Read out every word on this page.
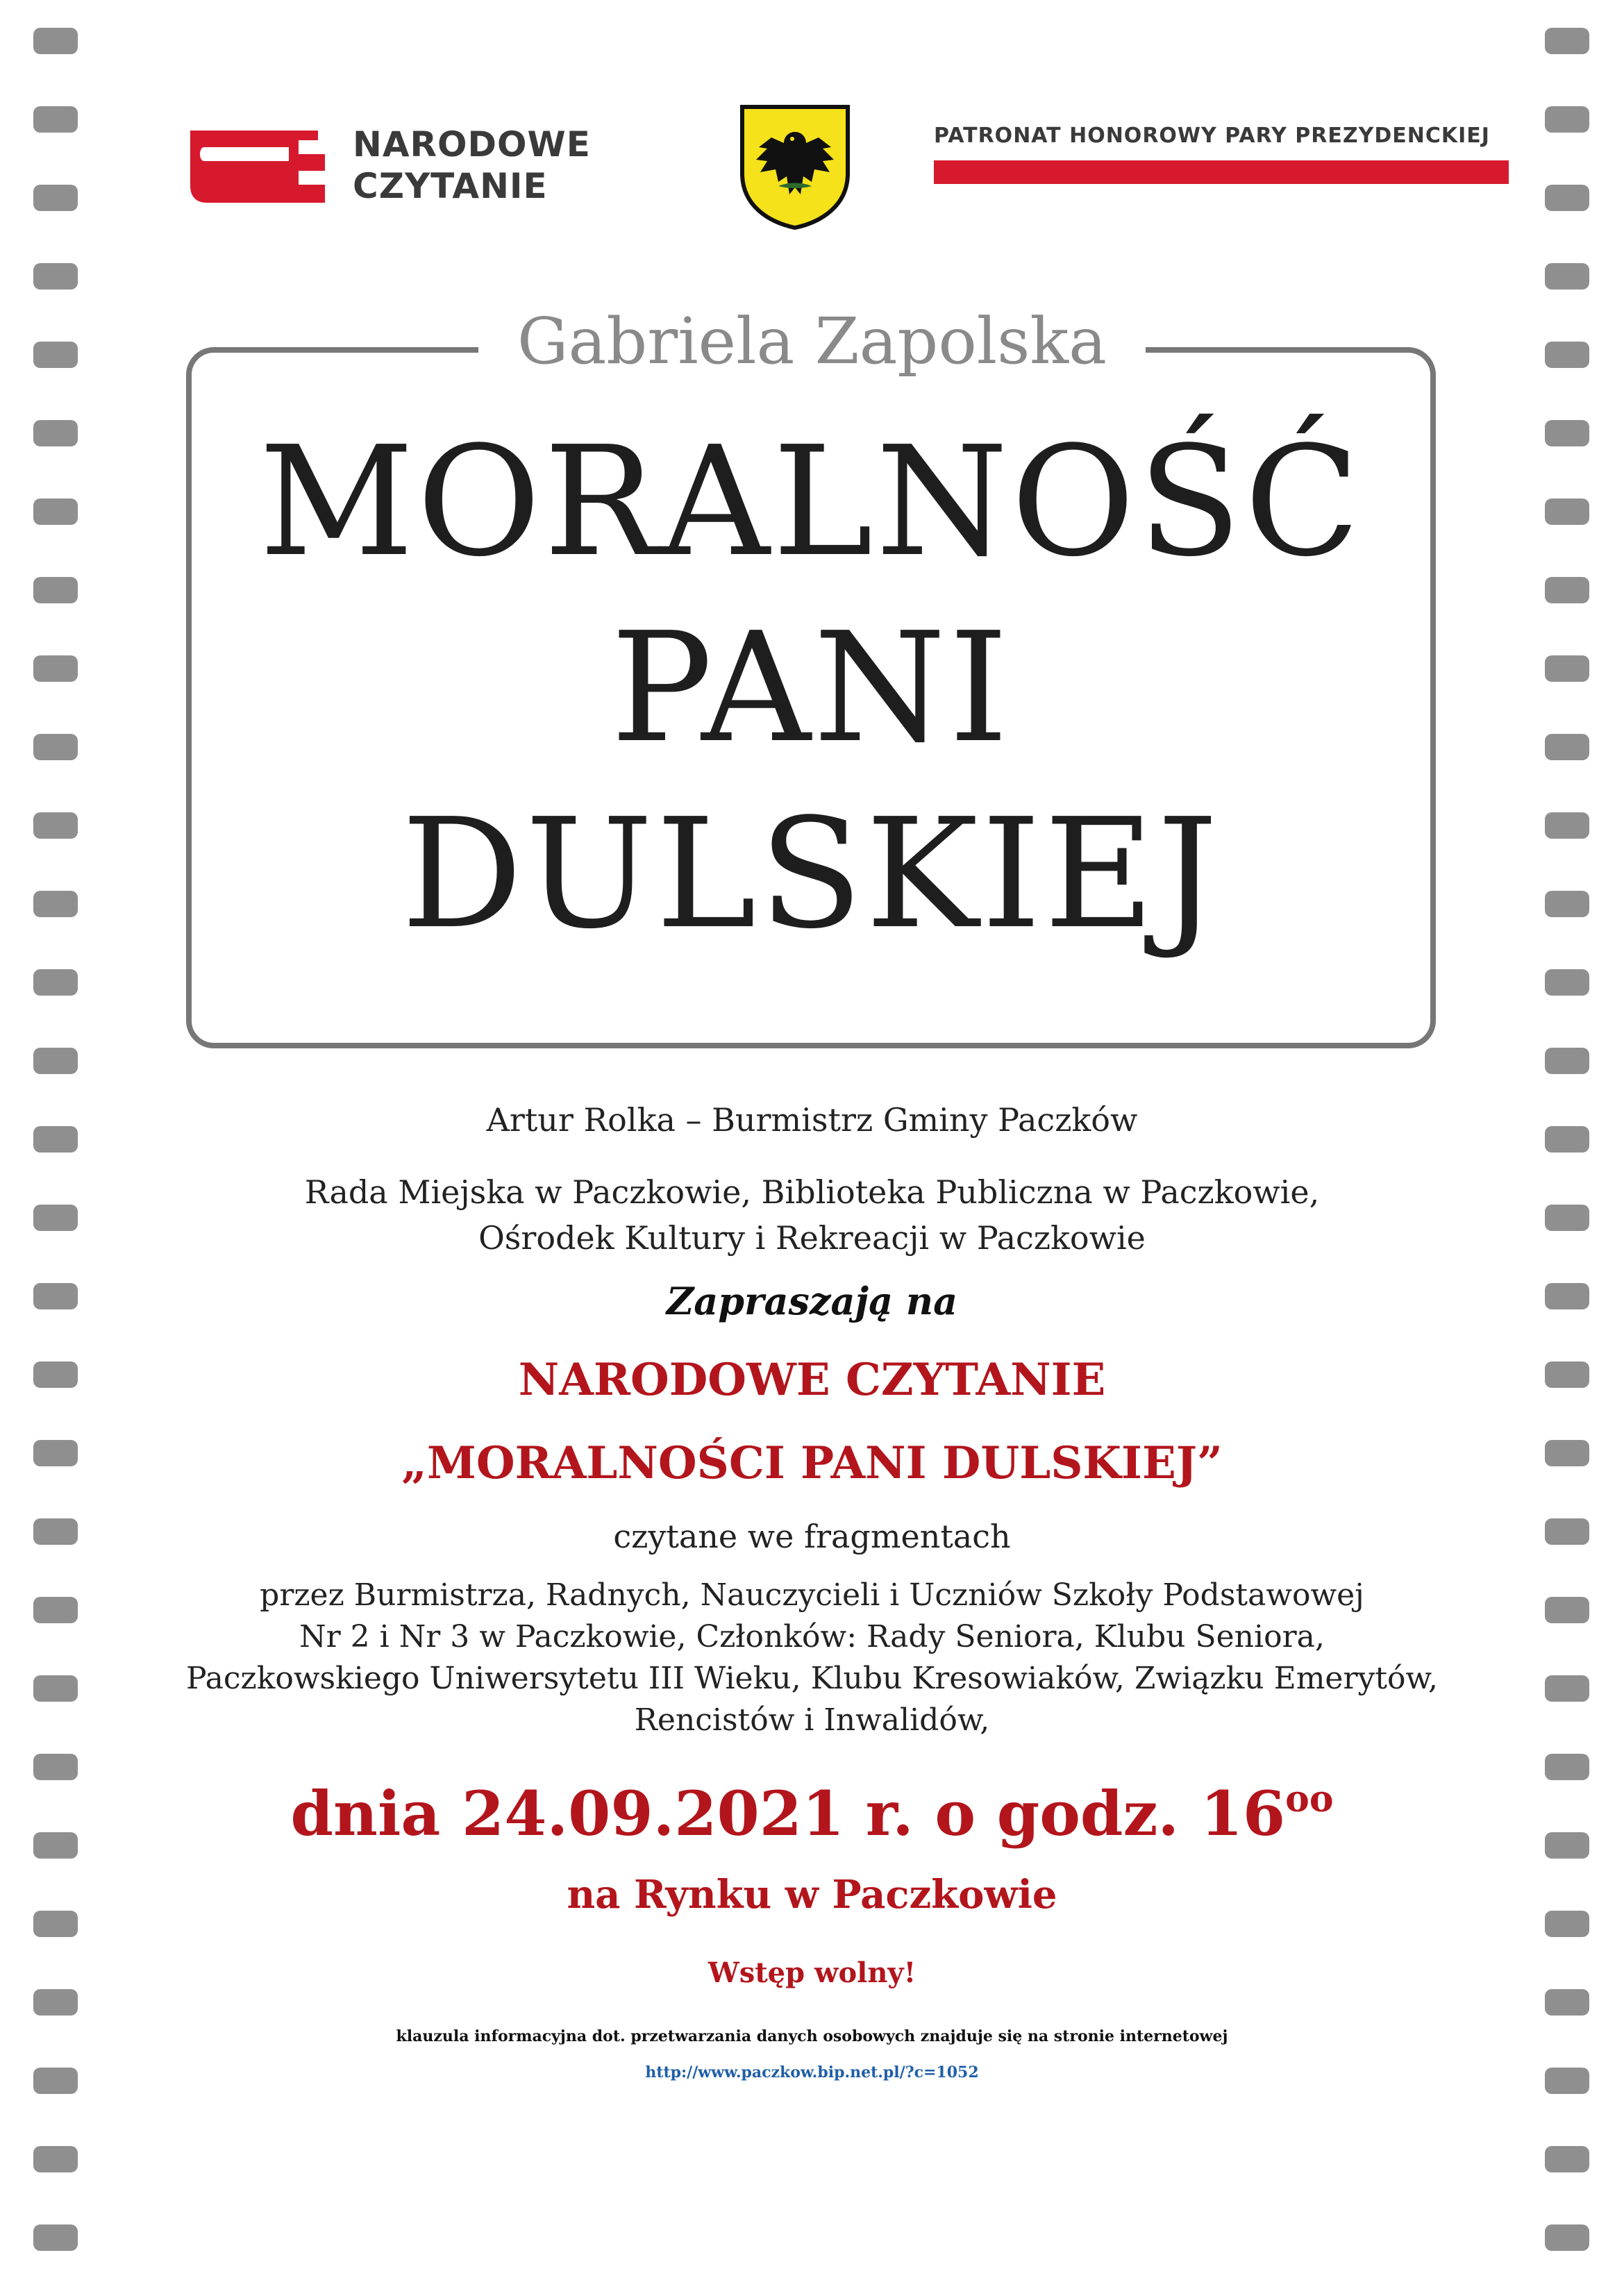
NARODOWE
CZYTANIE
PATRONAT HONOROWY PARY PREZYDENCKIEJ
Gabriela Zapolska
MORALNOŚĆ
PANI
DULSKIEJ
Artur Rolka – Burmistrz Gminy Paczków
Rada Miejska w Paczkowie, Biblioteka Publiczna w Paczkowie,
Ośrodek Kultury i Rekreacji w Paczkowie
Zapraszają na
NARODOWE CZYTANIE
„MORALNOŚCI PANI DULSKIEJ”
czytane we fragmentach
przez Burmistrza, Radnych, Nauczycieli i Uczniów Szkoły Podstawowej
Nr 2 i Nr 3 w Paczkowie, Członków: Rady Seniora, Klubu Seniora,
Paczkowskiego Uniwersytetu III Wieku, Klubu Kresowiaków, Związku Emerytów,
Rencistów i Inwalidów,
dnia 24.09.2021 r. o godz. $16^{oo}$
na Rynku w Paczkowie
Wstęp wolny!
klauzula informacyjna dot. przetwarzania danych osobowych znajduje się na stronie internetowej
http://www.paczkow.bip.net.pl/?c=1052
